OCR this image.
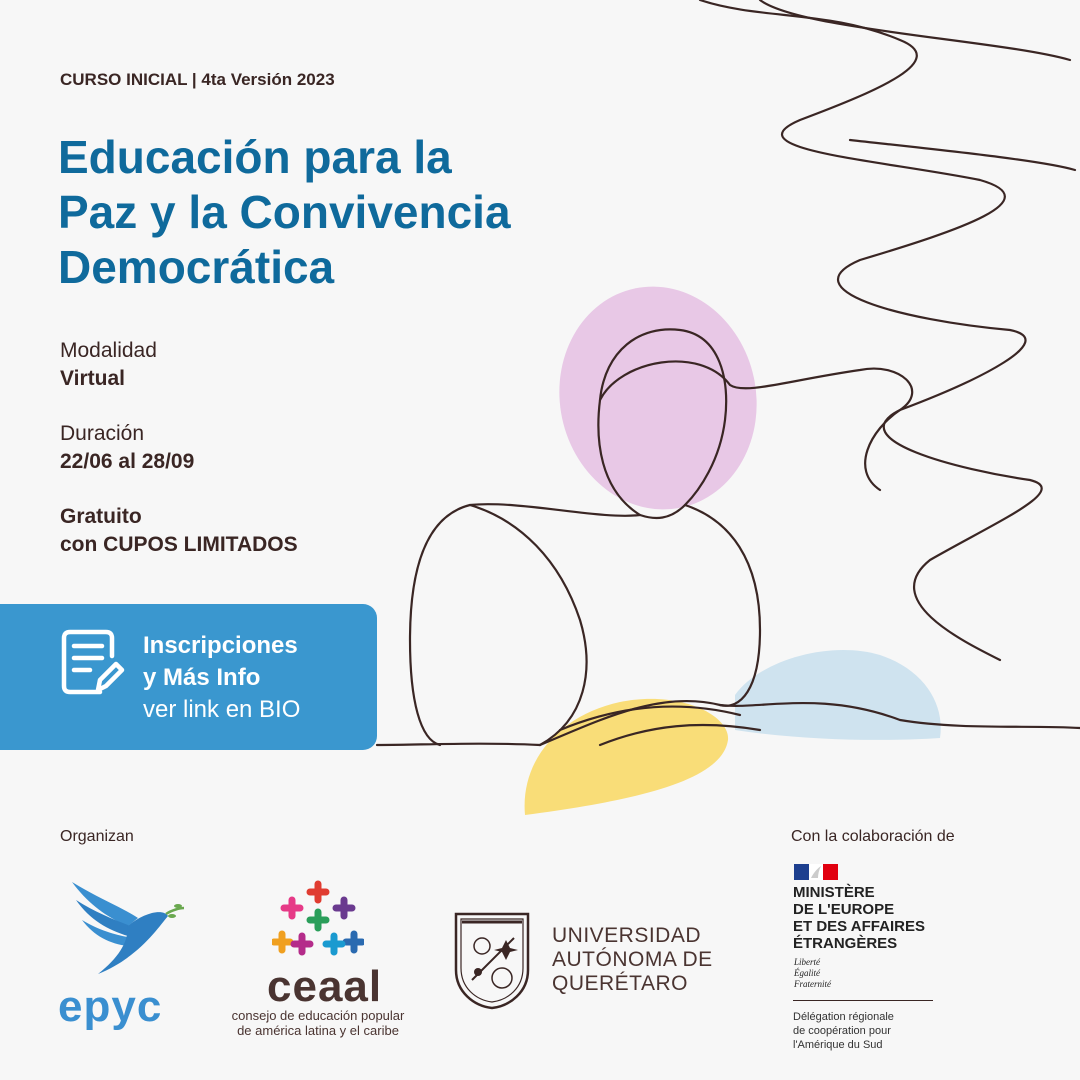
CURSO INICIAL | 4ta Versión 2023
Educación para la
Paz y la Convivencia
Democrática
Modalidad
Virtual
Duración
22/06 al 28/09
Gratuito
con CUPOS LIMITADOS
Inscripciones
y Más Info
ver link en BIO
Organizan	Con la colaboración de
epyc ceaal
consejo de educación popular
de américa latina y el caribe
UNIVERSIDAD
AUTÓNOMA DE
QUERÉTARO
MINISTÈRE
DE L'EUROPE
ET DES AFFAIRES
ÉTRANGÈRES
Liberté
Égalité
Fraternité
Délégation régionale
de coopération pour
l'Amérique du Sud
